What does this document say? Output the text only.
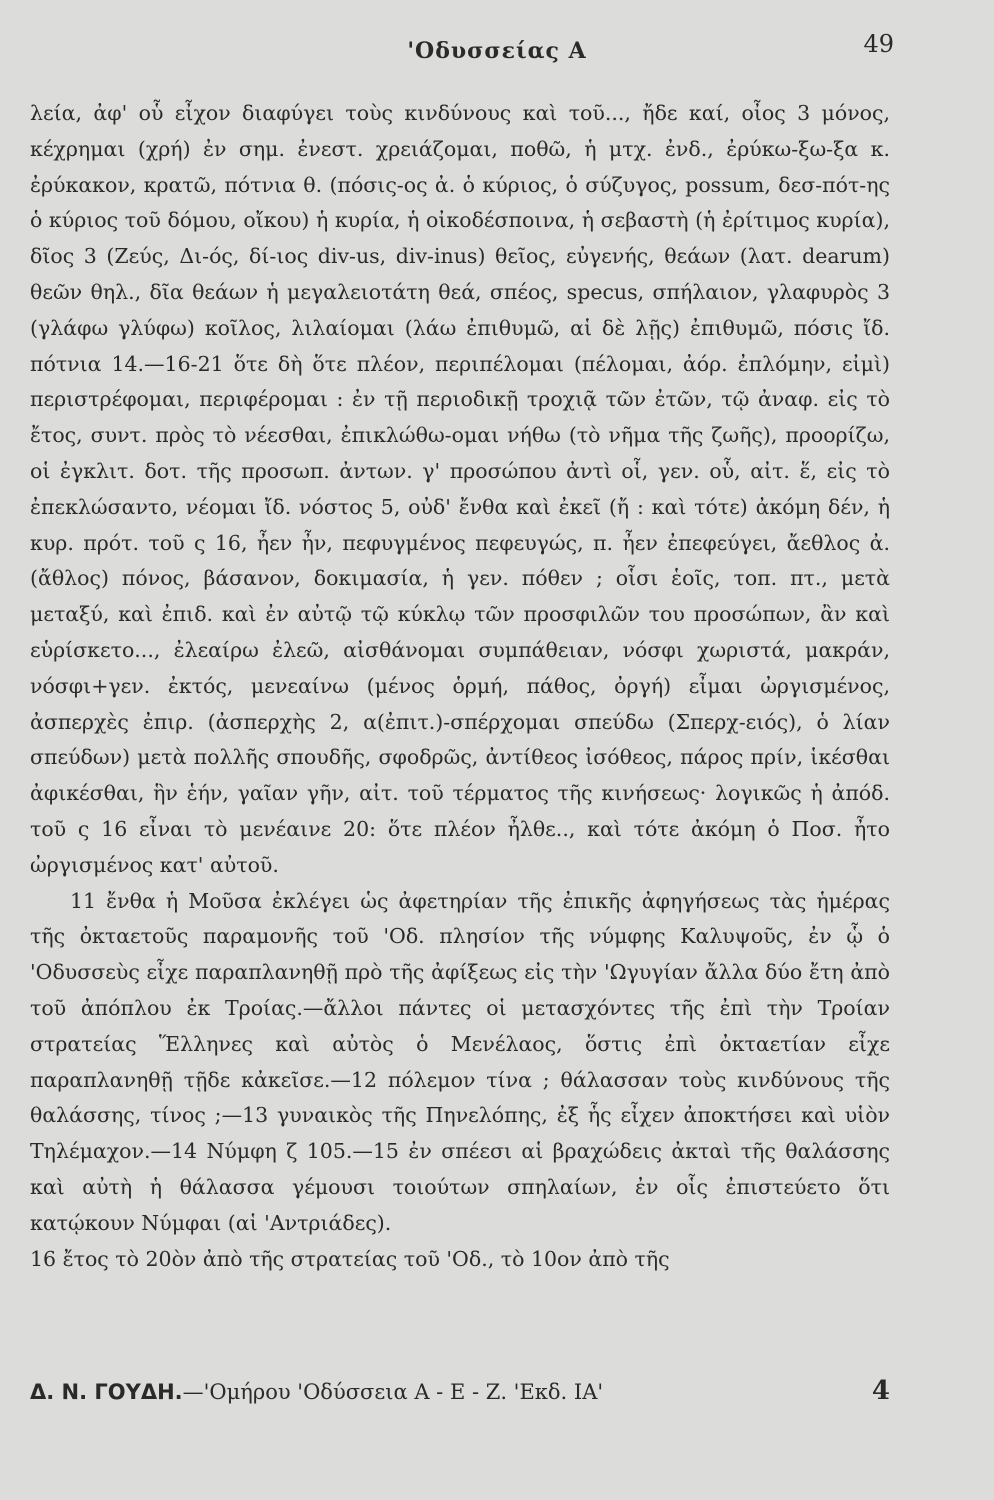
'Οδυσσείας Α	49

λεία, ἀφ' οὗ εἶχον διαφύγει τοὺς κινδύνους καὶ τοῦ..., ἤδε καί, οἶος 3 μόνος, κέχρημαι (χρή) ἐν σημ. ἐνεστ. χρειάζομαι, ποθῶ, ἡ μτχ. ἐνδ., ἐρύκω-ξω-ξα κ. ἐρύκακον, κρατῶ, πότνια θ. (πόσις-ος ἀ. ὁ κύριος, ὁ σύζυγος, possum, δεσ-πότ-ης ὁ κύριος τοῦ δόμου, οἴκου) ἡ κυρία, ἡ οἰκοδέσποινα, ἡ σεβαστὴ (ἡ ἐρίτιμος κυρία), δῖος 3 (Ζεύς, Δι-ός, δί-ιος div-us, div-inus) θεῖος, εὐγενής, θεάων (λατ. dearum) θεῶν θηλ., δῖα θεάων ἡ μεγαλειοτάτη θεά, σπέος, specus, σπήλαιον, γλαφυρὸς 3 (γλάφω γλύφω) κοῖλος, λιλαίομαι (λάω ἐπιθυμῶ, αἱ δὲ λῇς) ἐπιθυμῶ, πόσις ἴδ. πότνια 14.—16-21 ὅτε δὴ ὅτε πλέον, περιπέλομαι (πέλομαι, ἀόρ. ἐπλόμην, εἰμὶ) περιστρέφομαι, περιφέρομαι : ἐν τῇ περιοδικῇ τροχιᾷ τῶν ἐτῶν, τῷ ἀναφ. εἰς τὸ ἔτος, συντ. πρὸς τὸ νέεσθαι, ἐπικλώθω-ομαι νήθω (τὸ νῆμα τῆς ζωῆς), προορίζω, οἱ ἐγκλιτ. δοτ. τῆς προσωπ. ἀντων. γ' προσώπου ἀντὶ οἷ, γεν. οὗ, αἰτ. ἕ, εἰς τὸ ἐπεκλώσαντο, νέομαι ἴδ. νόστος 5, οὐδ' ἔνθα καὶ ἐκεῖ (ἤ : καὶ τότε) ἀκόμη δέν, ἡ κυρ. πρότ. τοῦ ς 16, ἦεν ἦν, πεφυγμένος πεφευγώς, π. ἦεν ἐπεφεύγει, ἄεθλος ἀ. (ἄθλος) πόνος, βάσανον, δοκιμασία, ἡ γεν. πόθεν ; οἷσι ἑοῖς, τοπ. πτ., μετὰ μεταξύ, καὶ ἐπιδ. καὶ ἐν αὐτῷ τῷ κύκλῳ τῶν προσφιλῶν του προσώπων, ἂν καὶ εὑρίσκετο..., ἐλεαίρω ἐλεῶ, αἰσθάνομαι συμπάθειαν, νόσφι χωριστά, μακράν, νόσφι+γεν. ἐκτός, μενεαίνω (μένος ὁρμή, πάθος, ὀργή) εἶμαι ὠργισμένος, ἀσπερχὲς ἐπιρ. (ἀσπερχὴς 2, α(ἐπιτ.)-σπέρχομαι σπεύδω (Σπερχ-ειός), ὁ λίαν σπεύδων) μετὰ πολλῆς σπουδῆς, σφοδρῶς, ἀντίθεος ἰσόθεος, πάρος πρίν, ἱκέσθαι ἀφικέσθαι, ἣν ἑήν, γαῖαν γῆν, αἰτ. τοῦ τέρματος τῆς κινήσεως· λογικῶς ἡ ἀπόδ. τοῦ ς 16 εἶναι τὸ μενέαινε 20: ὅτε πλέον ἦλθε.., καὶ τότε ἀκόμη ὁ Ποσ. ἦτο ὠργισμένος κατ' αὐτοῦ.

11 ἔνθα ἡ Μοῦσα ἐκλέγει ὡς ἀφετηρίαν τῆς ἐπικῆς ἀφηγήσεως τὰς ἡμέρας τῆς ὀκταετοῦς παραμονῆς τοῦ 'Οδ. πλησίον τῆς νύμφης Καλυψοῦς, ἐν ᾧ ὁ 'Οδυσσεὺς εἶχε παραπλανηθῇ πρὸ τῆς ἀφίξεως εἰς τὴν 'Ωγυγίαν ἄλλα δύο ἔτη ἀπὸ τοῦ ἀπόπλου ἐκ Τροίας.—ἄλλοι πάντες οἱ μετασχόντες τῆς ἐπὶ τὴν Τροίαν στρατείας Ἕλληνες καὶ αὐτὸς ὁ Μενέλαος, ὅστις ἐπὶ ὀκταετίαν εἶχε παραπλανηθῇ τῇδε κἀκεῖσε.—12 πόλεμον τίνα ; θάλασσαν τοὺς κινδύνους τῆς θαλάσσης, τίνος ;—13 γυναικὸς τῆς Πηνελόπης, ἐξ ἧς εἶχεν ἀποκτήσει καὶ υἱὸν Τηλέμαχον.—14 Νύμφη ζ 105.—15 ἐν σπέεσι αἱ βραχώδεις ἀκταὶ τῆς θαλάσσης καὶ αὐτὴ ἡ θάλασσα γέμουσι τοιούτων σπηλαίων, ἐν οἷς ἐπιστεύετο ὅτι κατῴκουν Νύμφαι (αἱ 'Αντριάδες).

16 ἔτος τὸ 20ὸν ἀπὸ τῆς στρατείας τοῦ 'Οδ., τὸ 10ον ἀπὸ τῆς

Δ. Ν. ΓΟΥΔΗ.—'Ομήρου 'Οδύσσεια Α - Ε - Ζ. 'Εκδ. ΙΑ'	4
